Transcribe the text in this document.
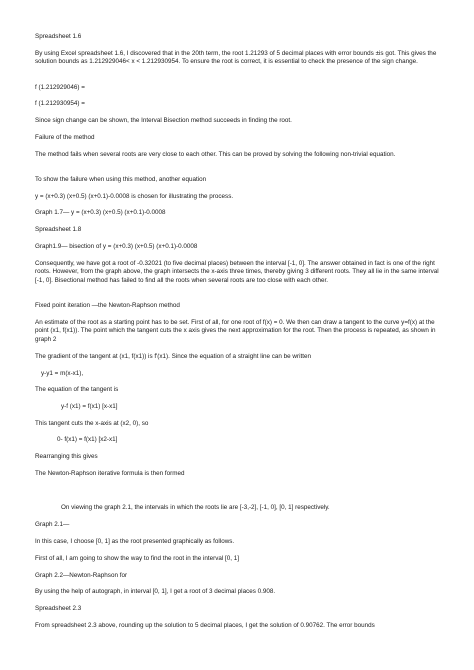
Spreadsheet 1.6

By using Excel spreadsheet 1.6, I discovered that in the 20th term, the root 1.21293 of 5 decimal places with error bounds ±is got. This gives the solution bounds as 1.212929046< x < 1.212930954. To ensure the root is correct, it is essential to check the presence of the sign change.

f (1.212929046) =

f (1.212930954) =

Since sign change can be shown, the Interval Bisection method succeeds in finding the root.

Failure of the method

The method fails when several roots are very close to each other. This can be proved by solving the following non-trivial equation.

To show the failure when using this method, another equation

y = (x+0.3) (x+0.5) (x+0.1)-0.0008 is chosen for illustrating the process.

Graph 1.7— y = (x+0.3) (x+0.5) (x+0.1)-0.0008

Spreadsheet 1.8

Graph1.9— bisection of y = (x+0.3) (x+0.5) (x+0.1)-0.0008

Consequently, we have got a root of -0.32021 (to five decimal places) between the interval [-1, 0]. The answer obtained in fact is one of the right roots. However, from the graph above, the graph intersects the x-axis three times, thereby giving 3 different roots. They all lie in the same interval [-1, 0]. Bisectional method has failed to find all the roots when several roots are too close with each other.

Fixed point iteration —the Newton-Raphson method

An estimate of the root as a starting point has to be set. First of all, for one root of f(x) = 0. We then can draw a tangent to the curve y=f(x) at the point (x1, f(x1)). The point which the tangent cuts the x axis gives the next approximation for the root. Then the process is repeated, as shown in graph 2

The gradient of the tangent at (x1, f(x1)) is f'(x1). Since the equation of a straight line can be written

y-y1 = m(x-x1),

The equation of the tangent is

y-f (x1) = f(x1) [x-x1]

This tangent cuts the x-axis at (x2, 0), so

0- f(x1) = f(x1) [x2-x1]

Rearranging this gives

The Newton-Raphson iterative formula is then formed

On viewing the graph 2.1, the intervals in which the roots lie are [-3,-2], [-1, 0], [0, 1] respectively.

Graph 2.1—

In this case, I choose [0, 1] as the root presented graphically as follows.

First of all, I am going to show the way to find the root in the interval [0, 1]

Graph 2.2—Newton-Raphson for

By using the help of autograph, in interval [0, 1], I get a root of 3 decimal places 0.908.

Spreadsheet 2.3

From spreadsheet 2.3 above, rounding up the solution to 5 decimal places, I get the solution of 0.90762. The error bounds
